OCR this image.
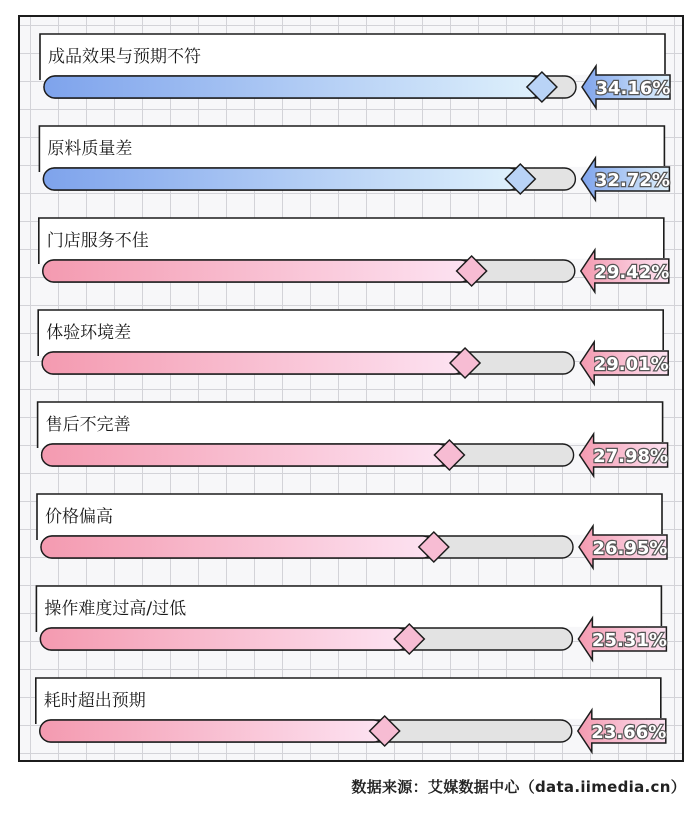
成品效果与预期不符
34.16%
原料质量差
32.72%
门店服务不佳
29.42%
体验环境差
29.01%
售后不完善
27.98%
价格偏高
26.95%
操作难度过高/过低
25.31%
耗时超出预期
23.66%
数据来源：艾媒数据中心（data.iimedia.cn）
